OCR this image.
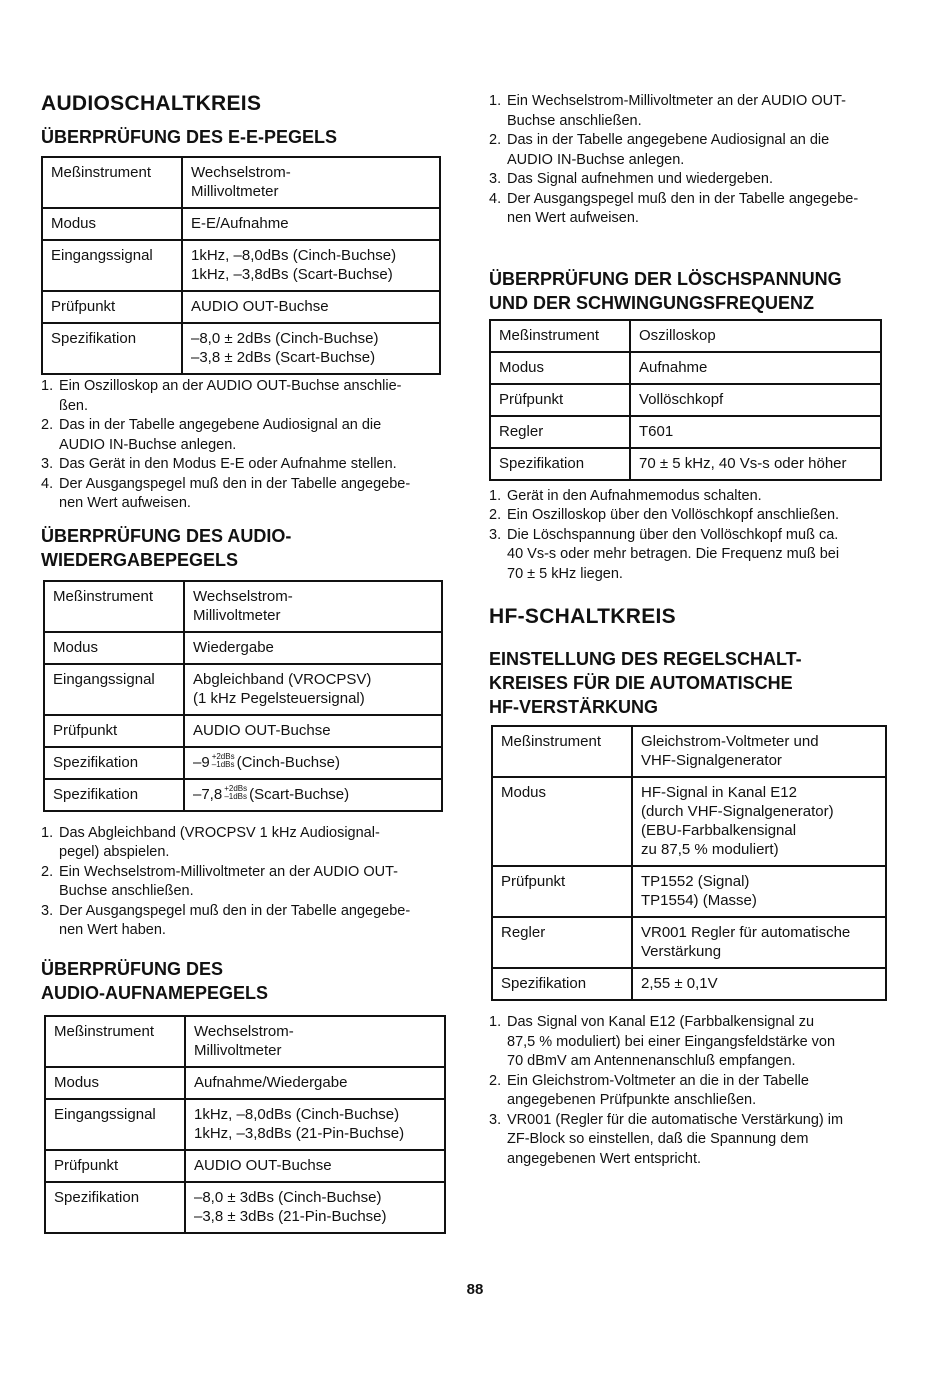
AUDIOSCHALTKREIS
ÜBERPRÜFUNG DES E-E-PEGELS
Meßinstrument	Wechselstrom-
Millivoltmeter
Modus	E-E/Aufnahme
Eingangssignal	1kHz, –8,0dBs (Cinch-Buchse)
1kHz, –3,8dBs (Scart-Buchse)
Prüfpunkt	AUDIO OUT-Buchse
Spezifikation	–8,0 ± 2dBs (Cinch-Buchse)
–3,8 ± 2dBs (Scart-Buchse)
1. Ein Oszilloskop an der AUDIO OUT-Buchse anschlie-
ßen.
2. Das in der Tabelle angegebene Audiosignal an die
AUDIO IN-Buchse anlegen.
3. Das Gerät in den Modus E-E oder Aufnahme stellen.
4. Der Ausgangspegel muß den in der Tabelle angegebe-
nen Wert aufweisen.
ÜBERPRÜFUNG DES AUDIO-
WIEDERGABEPEGELS
Meßinstrument	Wechselstrom-
Millivoltmeter
Modus	Wiedergabe
Eingangssignal	Abgleichband (VROCPSV)
(1 kHz Pegelsteuersignal)
Prüfpunkt	AUDIO OUT-Buchse
Spezifikation	–9 +2dBs
–1dBs (Cinch-Buchse)
Spezifikation	–7,8 +2dBs
–1dBs (Scart-Buchse)
1. Das Abgleichband (VROCPSV 1 kHz Audiosignal-
pegel) abspielen.
2. Ein Wechselstrom-Millivoltmeter an der AUDIO OUT-
Buchse anschließen.
3. Der Ausgangspegel muß den in der Tabelle angegebe-
nen Wert haben.
ÜBERPRÜFUNG DES
AUDIO-AUFNAMEPEGELS
Meßinstrument	Wechselstrom-
Millivoltmeter
Modus	Aufnahme/Wiedergabe
Eingangssignal	1kHz, –8,0dBs (Cinch-Buchse)
1kHz, –3,8dBs (21-Pin-Buchse)
Prüfpunkt	AUDIO OUT-Buchse
Spezifikation	–8,0 ± 3dBs (Cinch-Buchse)
–3,8 ± 3dBs (21-Pin-Buchse)
1. Ein Wechselstrom-Millivoltmeter an der AUDIO OUT-
Buchse anschließen.
2. Das in der Tabelle angegebene Audiosignal an die
AUDIO IN-Buchse anlegen.
3. Das Signal aufnehmen und wiedergeben.
4. Der Ausgangspegel muß den in der Tabelle angegebe-
nen Wert aufweisen.
ÜBERPRÜFUNG DER LÖSCHSPANNUNG
UND DER SCHWINGUNGSFREQUENZ
Meßinstrument	Oszilloskop
Modus	Aufnahme
Prüfpunkt	Vollöschkopf
Regler	T601
Spezifikation	70 ± 5 kHz, 40 Vs-s oder höher
1. Gerät in den Aufnahmemodus schalten.
2. Ein Oszilloskop über den Vollöschkopf anschließen.
3. Die Löschspannung über den Vollöschkopf muß ca.
40 Vs-s oder mehr betragen. Die Frequenz muß bei
70 ± 5 kHz liegen.
HF-SCHALTKREIS
EINSTELLUNG DES REGELSCHALT-
KREISES FÜR DIE AUTOMATISCHE
HF-VERSTÄRKUNG
Meßinstrument	Gleichstrom-Voltmeter und
VHF-Signalgenerator
Modus	HF-Signal in Kanal E12
(durch VHF-Signalgenerator)
(EBU-Farbbalkensignal
zu 87,5 % moduliert)
Prüfpunkt	TP1552 (Signal)
TP1554) (Masse)
Regler	VR001 Regler für automatische
Verstärkung
Spezifikation	2,55 ± 0,1V
1. Das Signal von Kanal E12 (Farbbalkensignal zu
87,5 % moduliert) bei einer Eingangsfeldstärke von
70 dBmV am Antennenanschluß empfangen.
2. Ein Gleichstrom-Voltmeter an die in der Tabelle
angegebenen Prüfpunkte anschließen.
3. VR001 (Regler für die automatische Verstärkung) im
ZF-Block so einstellen, daß die Spannung dem
angegebenen Wert entspricht.
88
